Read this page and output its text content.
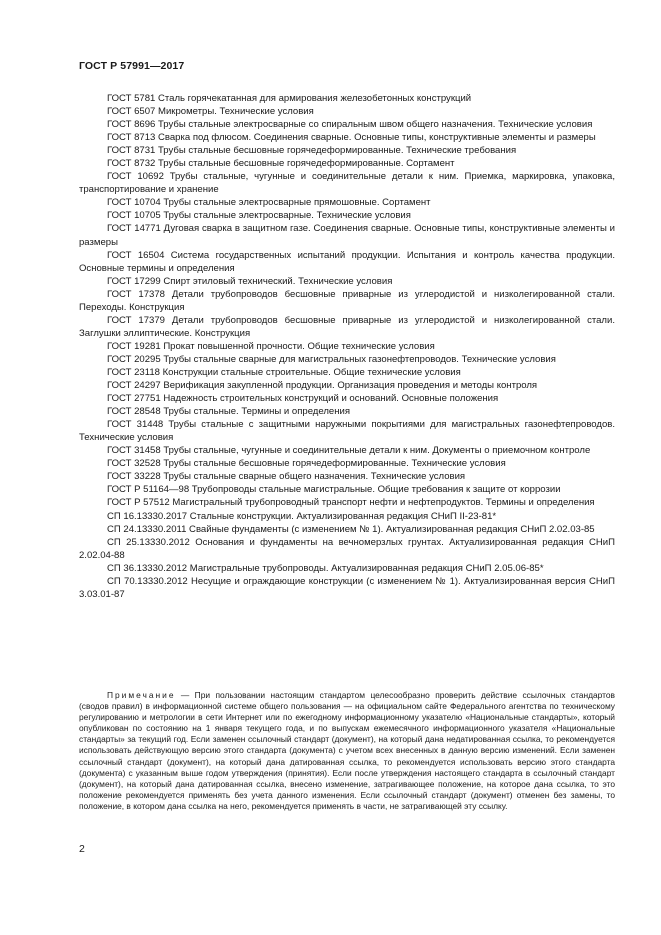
ГОСТ Р 57991—2017

ГОСТ 5781 Сталь горячекатанная для армирования железобетонных конструкций

ГОСТ 6507 Микрометры. Технические условия

ГОСТ 8696 Трубы стальные электросварные со спиральным швом общего назначения. Технические условия

ГОСТ 8713 Сварка под флюсом. Соединения сварные. Основные типы, конструктивные элементы и размеры

ГОСТ 8731 Трубы стальные бесшовные горячедеформированные. Технические требования

ГОСТ 8732 Трубы стальные бесшовные горячедеформированные. Сортамент

ГОСТ 10692 Трубы стальные, чугунные и соединительные детали к ним. Приемка, маркировка, упаковка, транспортирование и хранение

ГОСТ 10704 Трубы стальные электросварные прямошовные. Сортамент

ГОСТ 10705 Трубы стальные электросварные. Технические условия

ГОСТ 14771 Дуговая сварка в защитном газе. Соединения сварные. Основные типы, конструктивные элементы и размеры

ГОСТ 16504 Система государственных испытаний продукции. Испытания и контроль качества продукции. Основные термины и определения

ГОСТ 17299 Спирт этиловый технический. Технические условия

ГОСТ 17378 Детали трубопроводов бесшовные приварные из углеродистой и низколегированной стали. Переходы. Конструкция

ГОСТ 17379 Детали трубопроводов бесшовные приварные из углеродистой и низколегированной стали. Заглушки эллиптические. Конструкция

ГОСТ 19281 Прокат повышенной прочности. Общие технические условия

ГОСТ 20295 Трубы стальные сварные для магистральных газонефтепроводов. Технические условия

ГОСТ 23118 Конструкции стальные строительные. Общие технические условия

ГОСТ 24297 Верификация закупленной продукции. Организация проведения и методы контроля

ГОСТ 27751 Надежность строительных конструкций и оснований. Основные положения

ГОСТ 28548 Трубы стальные. Термины и определения

ГОСТ 31448 Трубы стальные с защитными наружными покрытиями для магистральных газонефтепроводов. Технические условия

ГОСТ 31458 Трубы стальные, чугунные и соединительные детали к ним. Документы о приемочном контроле

ГОСТ 32528 Трубы стальные бесшовные горячедеформированные. Технические условия

ГОСТ 33228 Трубы стальные сварные общего назначения. Технические условия

ГОСТ Р 51164—98 Трубопроводы стальные магистральные. Общие требования к защите от коррозии

ГОСТ Р 57512 Магистральный трубопроводный транспорт нефти и нефтепродуктов. Термины и определения

СП 16.13330.2017 Стальные конструкции. Актуализированная редакция СНиП II-23-81*

СП 24.13330.2011 Свайные фундаменты (с изменением № 1). Актуализированная редакция СНиП 2.02.03-85

СП 25.13330.2012 Основания и фундаменты на вечномерзлых грунтах. Актуализированная редакция СНиП 2.02.04-88

СП 36.13330.2012 Магистральные трубопроводы. Актуализированная редакция СНиП 2.05.06-85*

СП 70.13330.2012 Несущие и ограждающие конструкции (с изменением № 1). Актуализированная версия СНиП 3.03.01-87

Примечание — При пользовании настоящим стандартом целесообразно проверить действие ссылочных стандартов (сводов правил) в информационной системе общего пользования — на официальном сайте Федерального агентства по техническому регулированию и метрологии в сети Интернет или по ежегодному информационному указателю «Национальные стандарты», который опубликован по состоянию на 1 января текущего года, и по выпускам ежемесячного информационного указателя «Национальные стандарты» за текущий год. Если заменен ссылочный стандарт (документ), на который дана недатированная ссылка, то рекомендуется использовать действующую версию этого стандарта (документа) с учетом всех внесенных в данную версию изменений. Если заменен ссылочный стандарт (документ), на который дана датированная ссылка, то рекомендуется использовать версию этого стандарта (документа) с указанным выше годом утверждения (принятия). Если после утверждения настоящего стандарта в ссылочный стандарт (документ), на который дана датированная ссылка, внесено изменение, затрагивающее положение, на которое дана ссылка, то это положение рекомендуется применять без учета данного изменения. Если ссылочный стандарт (документ) отменен без замены, то положение, в котором дана ссылка на него, рекомендуется применять в части, не затрагивающей эту ссылку.

2
